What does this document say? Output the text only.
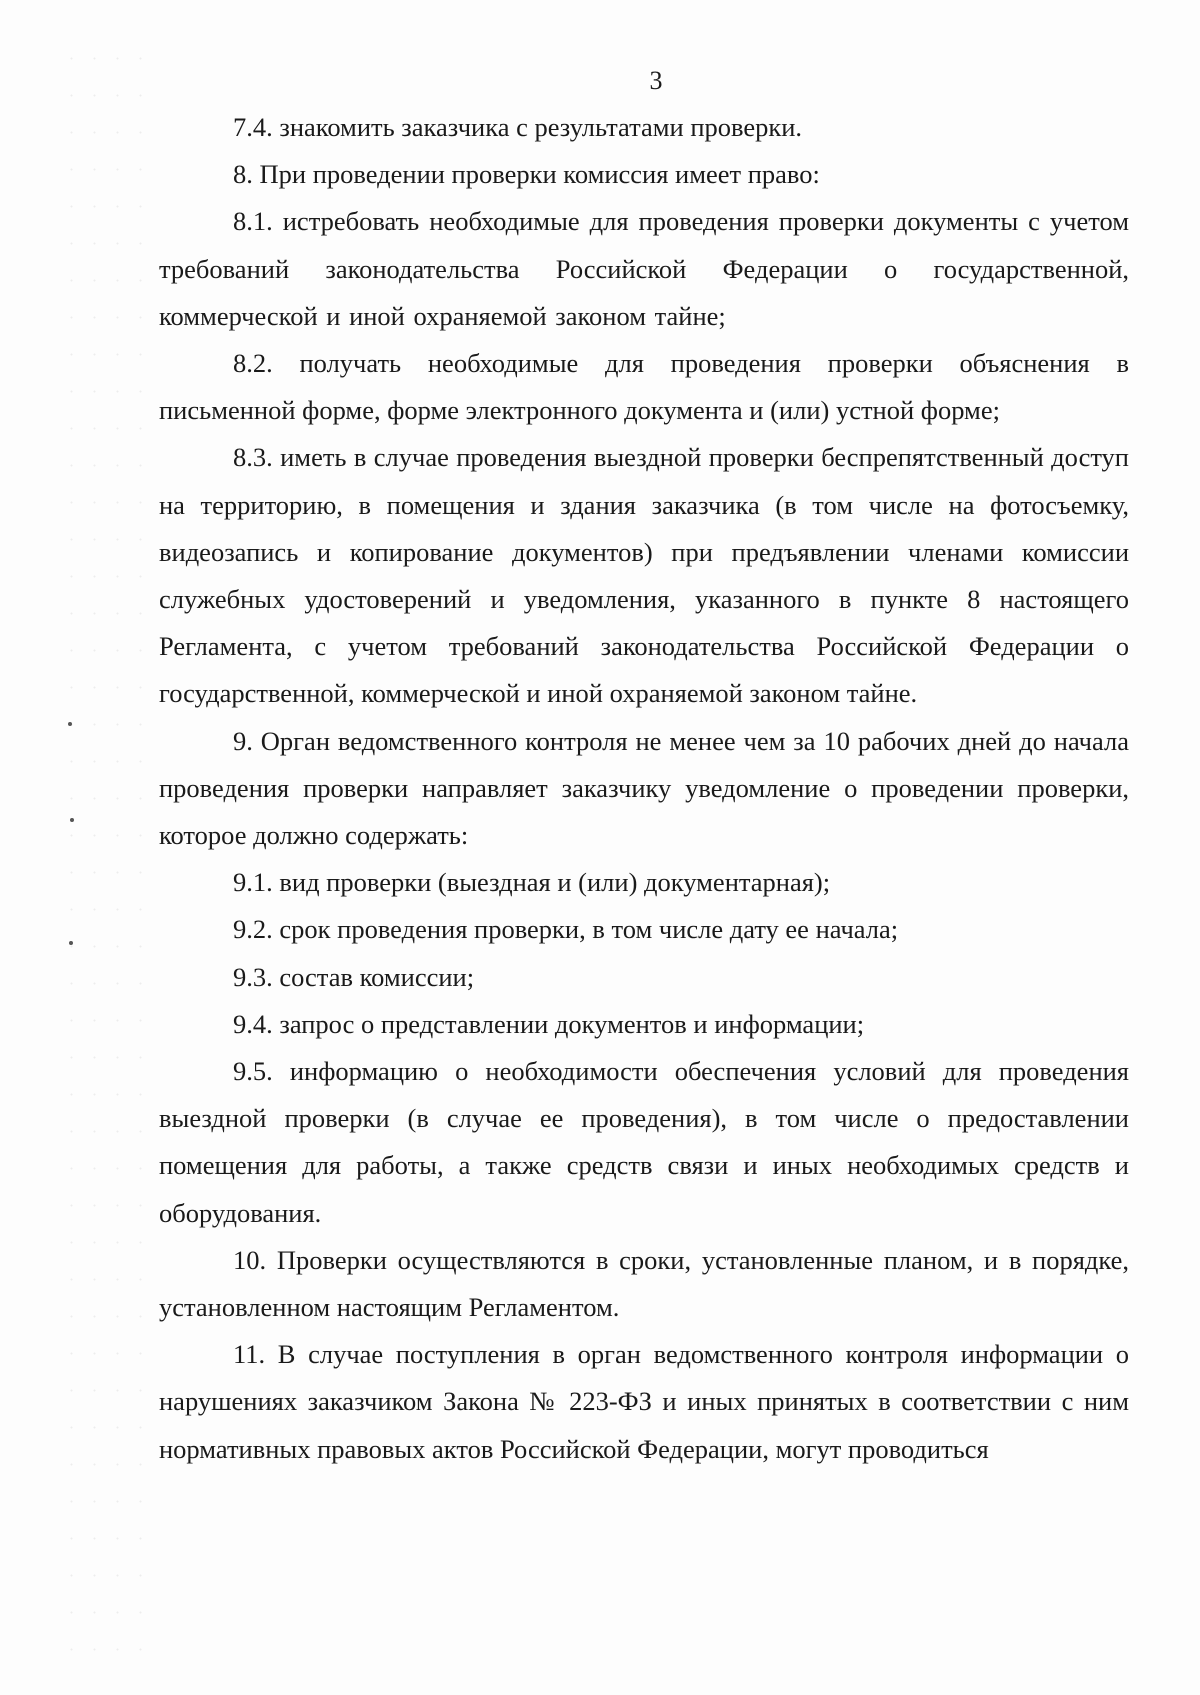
3

7.4. знакомить заказчика с результатами проверки.

8. При проведении проверки комиссия имеет право:

8.1. истребовать необходимые для проведения проверки документы с учетом требований законодательства Российской Федерации о государственной, коммерческой и иной охраняемой законом тайне;

8.2. получать необходимые для проведения проверки объяснения в письменной форме, форме электронного документа и (или) устной форме;

8.3. иметь в случае проведения выездной проверки беспрепятственный доступ на территорию, в помещения и здания заказчика (в том числе на фотосъемку, видеозапись и копирование документов) при предъявлении членами комиссии служебных удостоверений и уведомления, указанного в пункте 8 настоящего Регламента, с учетом требований законодательства Российской Федерации о государственной, коммерческой и иной охраняемой законом тайне.

9. Орган ведомственного контроля не менее чем за 10 рабочих дней до начала проведения проверки направляет заказчику уведомление о проведении проверки, которое должно содержать:

9.1. вид проверки (выездная и (или) документарная);

9.2. срок проведения проверки, в том числе дату ее начала;

9.3. состав комиссии;

9.4. запрос о представлении документов и информации;

9.5. информацию о необходимости обеспечения условий для проведения выездной проверки (в случае ее проведения), в том числе о предоставлении помещения для работы, а также средств связи и иных необходимых средств и оборудования.

10. Проверки осуществляются в сроки, установленные планом, и в порядке, установленном настоящим Регламентом.

11. В случае поступления в орган ведомственного контроля информации о нарушениях заказчиком Закона № 223-ФЗ и иных принятых в соответствии с ним нормативных правовых актов Российской Федерации, могут проводиться
